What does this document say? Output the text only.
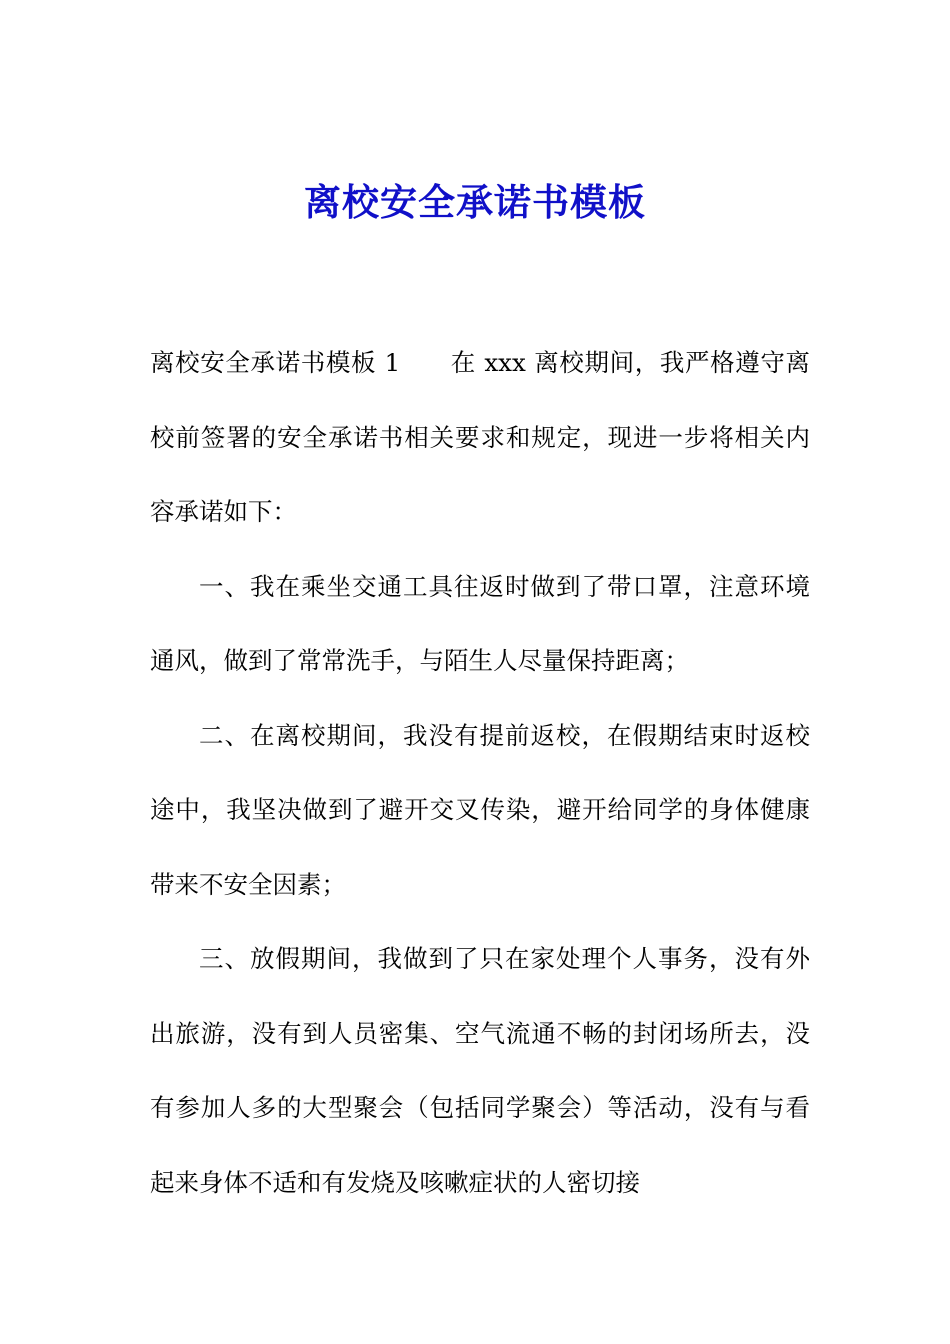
离校安全承诺书模板

离校安全承诺书模板 1 在 xxx 离校期间，我严格遵守离校前签署的安全承诺书相关要求和规定，现进一步将相关内容承诺如下：

一、我在乘坐交通工具往返时做到了带口罩，注意环境通风，做到了常常洗手，与陌生人尽量保持距离；

二、在离校期间，我没有提前返校，在假期结束时返校途中，我坚决做到了避开交叉传染，避开给同学的身体健康带来不安全因素；

三、放假期间，我做到了只在家处理个人事务，没有外出旅游，没有到人员密集、空气流通不畅的封闭场所去，没有参加人多的大型聚会（包括同学聚会）等活动，没有与看起来身体不适和有发烧及咳嗽症状的人密切接
